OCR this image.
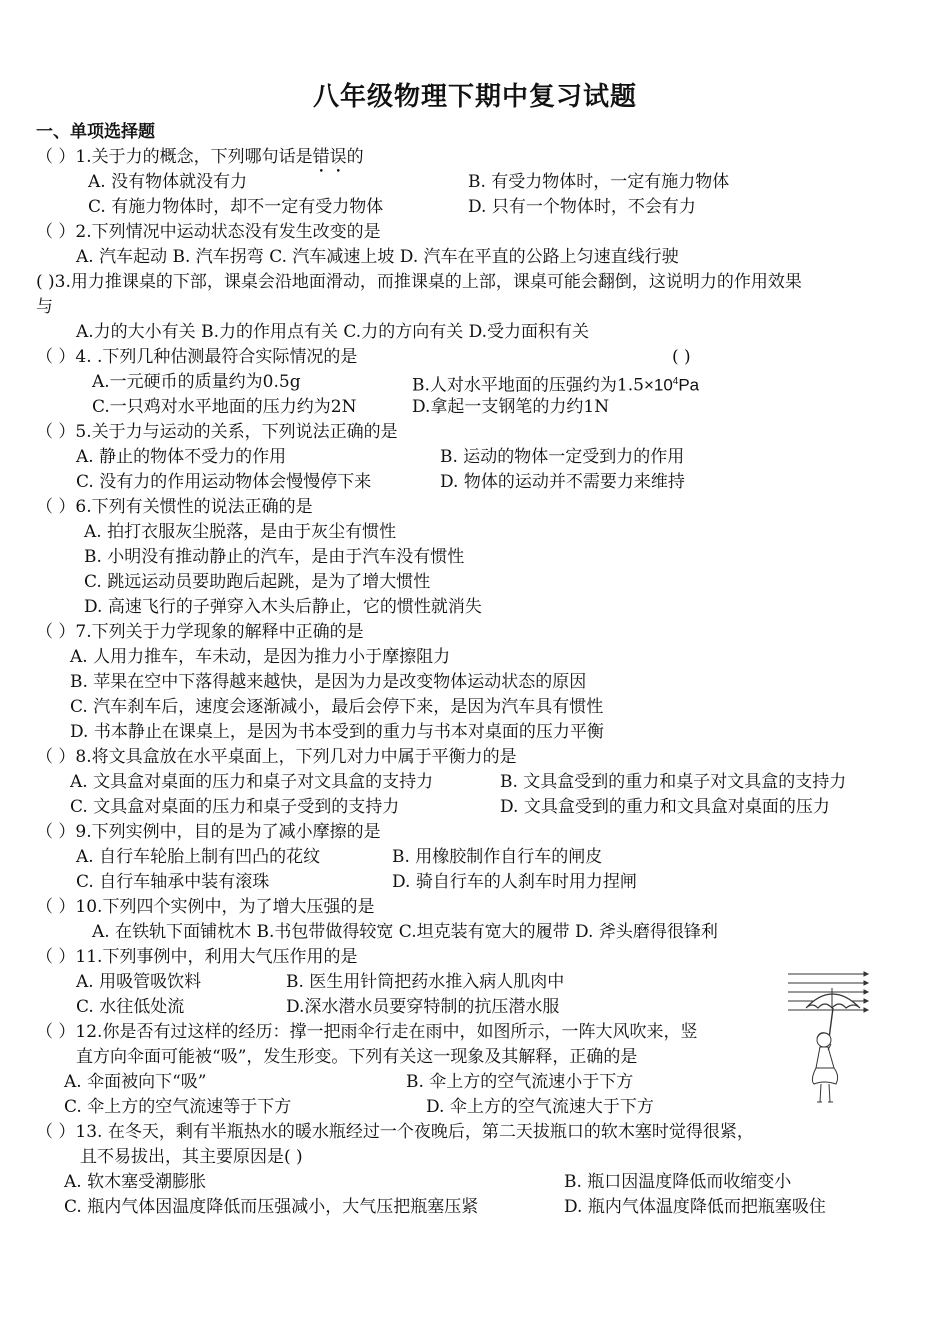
八年级物理下期中复习试题
一、单项选择题
（ ）1.关于力的概念，下列哪句话是错误的
A. 没有物体就没有力	B. 有受力物体时，一定有施力物体
C. 有施力物体时，却不一定有受力物体	D. 只有一个物体时，不会有力
（ ）2.下列情况中运动状态没有发生改变的是
A. 汽车起动 B. 汽车拐弯 C. 汽车减速上坡 D. 汽车在平直的公路上匀速直线行驶
( )3.用力推课桌的下部，课桌会沿地面滑动，而推课桌的上部，课桌可能会翻倒，这说明力的作用效果
与
A.力的大小有关 B.力的作用点有关 C.力的方向有关 D.受力面积有关
（ ）4. .下列几种估测最符合实际情况的是	( )
A.一元硬币的质量约为0.5g	B.人对水平地面的压强约为$1.5\times 10^4Pa$
C.一只鸡对水平地面的压力约为2N	D.拿起一支钢笔的力约1N
（ ）5.关于力与运动的关系，下列说法正确的是
A. 静止的物体不受力的作用	B. 运动的物体一定受到力的作用
C. 没有力的作用运动物体会慢慢停下来	D. 物体的运动并不需要力来维持
（ ）6.下列有关惯性的说法正确的是
A. 拍打衣服灰尘脱落，是由于灰尘有惯性
B. 小明没有推动静止的汽车，是由于汽车没有惯性
C. 跳远运动员要助跑后起跳，是为了增大惯性
D. 高速飞行的子弹穿入木头后静止，它的惯性就消失
（ ）7.下列关于力学现象的解释中正确的是
A. 人用力推车，车未动，是因为推力小于摩擦阻力
B. 苹果在空中下落得越来越快，是因为力是改变物体运动状态的原因
C. 汽车刹车后，速度会逐渐减小，最后会停下来，是因为汽车具有惯性
D. 书本静止在课桌上，是因为书本受到的重力与书本对桌面的压力平衡
（ ）8.将文具盒放在水平桌面上，下列几对力中属于平衡力的是
A. 文具盒对桌面的压力和桌子对文具盒的支持力	B. 文具盒受到的重力和桌子对文具盒的支持力
C. 文具盒对桌面的压力和桌子受到的支持力	D. 文具盒受到的重力和文具盒对桌面的压力
（ ）9.下列实例中，目的是为了减小摩擦的是
A. 自行车轮胎上制有凹凸的花纹	B. 用橡胶制作自行车的闸皮
C. 自行车轴承中装有滚珠	D. 骑自行车的人刹车时用力捏闸
（ ）10.下列四个实例中，为了增大压强的是
A. 在铁轨下面铺枕木 B.书包带做得较宽 C.坦克装有宽大的履带 D. 斧头磨得很锋利
（ ）11.下列事例中，利用大气压作用的是
A. 用吸管吸饮料	B. 医生用针筒把药水推入病人肌肉中
C. 水往低处流	D.深水潜水员要穿特制的抗压潜水服
（ ）12.你是否有过这样的经历：撑一把雨伞行走在雨中，如图所示，一阵大风吹来，竖
直方向伞面可能被“吸”，发生形变。下列有关这一现象及其解释，正确的是
A. 伞面被向下“吸”	B. 伞上方的空气流速小于下方
C. 伞上方的空气流速等于下方	D. 伞上方的空气流速大于下方
（ ）13. 在冬天，剩有半瓶热水的暖水瓶经过一个夜晚后，第二天拔瓶口的软木塞时觉得很紧，
且不易拔出，其主要原因是( )
A. 软木塞受潮膨胀	B. 瓶口因温度降低而收缩变小
C. 瓶内气体因温度降低而压强减小，大气压把瓶塞压紧	D. 瓶内气体温度降低而把瓶塞吸住
